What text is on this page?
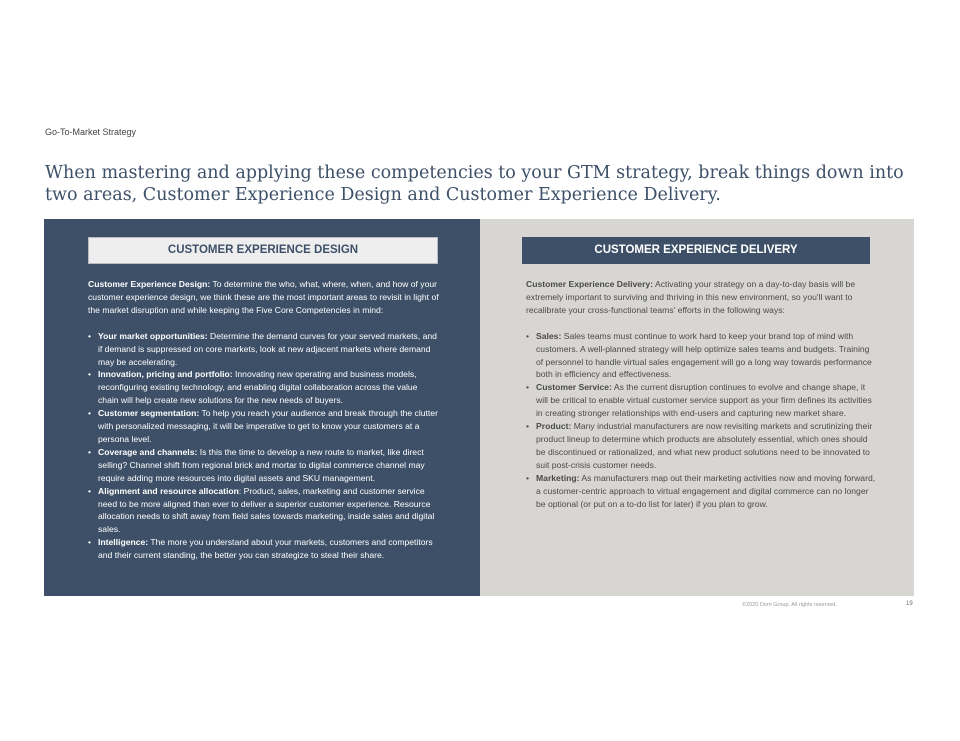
Go-To-Market Strategy
When mastering and applying these competencies to your GTM strategy, break things down into two areas, Customer Experience Design and Customer Experience Delivery.
CUSTOMER EXPERIENCE DESIGN

Customer Experience Design: To determine the who, what, where, when, and how of your customer experience design, we think these are the most important areas to revisit in light of the market disruption and while keeping the Five Core Competencies in mind:

• Your market opportunities: Determine the demand curves for your served markets, and if demand is suppressed on core markets, look at new adjacent markets where demand may be accelerating.
• Innovation, pricing and portfolio: Innovating new operating and business models, reconfiguring existing technology, and enabling digital collaboration across the value chain will help create new solutions for the new needs of buyers.
• Customer segmentation: To help you reach your audience and break through the clutter with personalized messaging, it will be imperative to get to know your customers at a persona level.
• Coverage and channels: Is this the time to develop a new route to market, like direct selling? Channel shift from regional brick and mortar to digital commerce channel may require adding more resources into digital assets and SKU management.
• Alignment and resource allocation: Product, sales, marketing and customer service need to be more aligned than ever to deliver a superior customer experience. Resource allocation needs to shift away from field sales towards marketing, inside sales and digital sales.
• Intelligence: The more you understand about your markets, customers and competitors and their current standing, the better you can strategize to steal their share.
CUSTOMER EXPERIENCE DELIVERY

Customer Experience Delivery: Activating your strategy on a day-to-day basis will be extremely important to surviving and thriving in this new environment, so you'll want to recalibrate your cross-functional teams' efforts in the following ways:

• Sales: Sales teams must continue to work hard to keep your brand top of mind with customers. A well-planned strategy will help optimize sales teams and budgets. Training of personnel to handle virtual sales engagement will go a long way towards performance both in efficiency and effectiveness.
• Customer Service: As the current disruption continues to evolve and change shape, it will be critical to enable virtual customer service support as your firm defines its activities in creating stronger relationships with end-users and capturing new market share.
• Product: Many industrial manufacturers are now revisiting markets and scrutinizing their product lineup to determine which products are absolutely essential, which ones should be discontinued or rationalized, and what new product solutions need to be innovated to suit post-crisis customer needs.
• Marketing: As manufacturers map out their marketing activities now and moving forward, a customer-centric approach to virtual engagement and digital commerce can no longer be optional (or put on a to-do list for later) if you plan to grow.
©2020 Dorn Group. All rights reserved.	19
